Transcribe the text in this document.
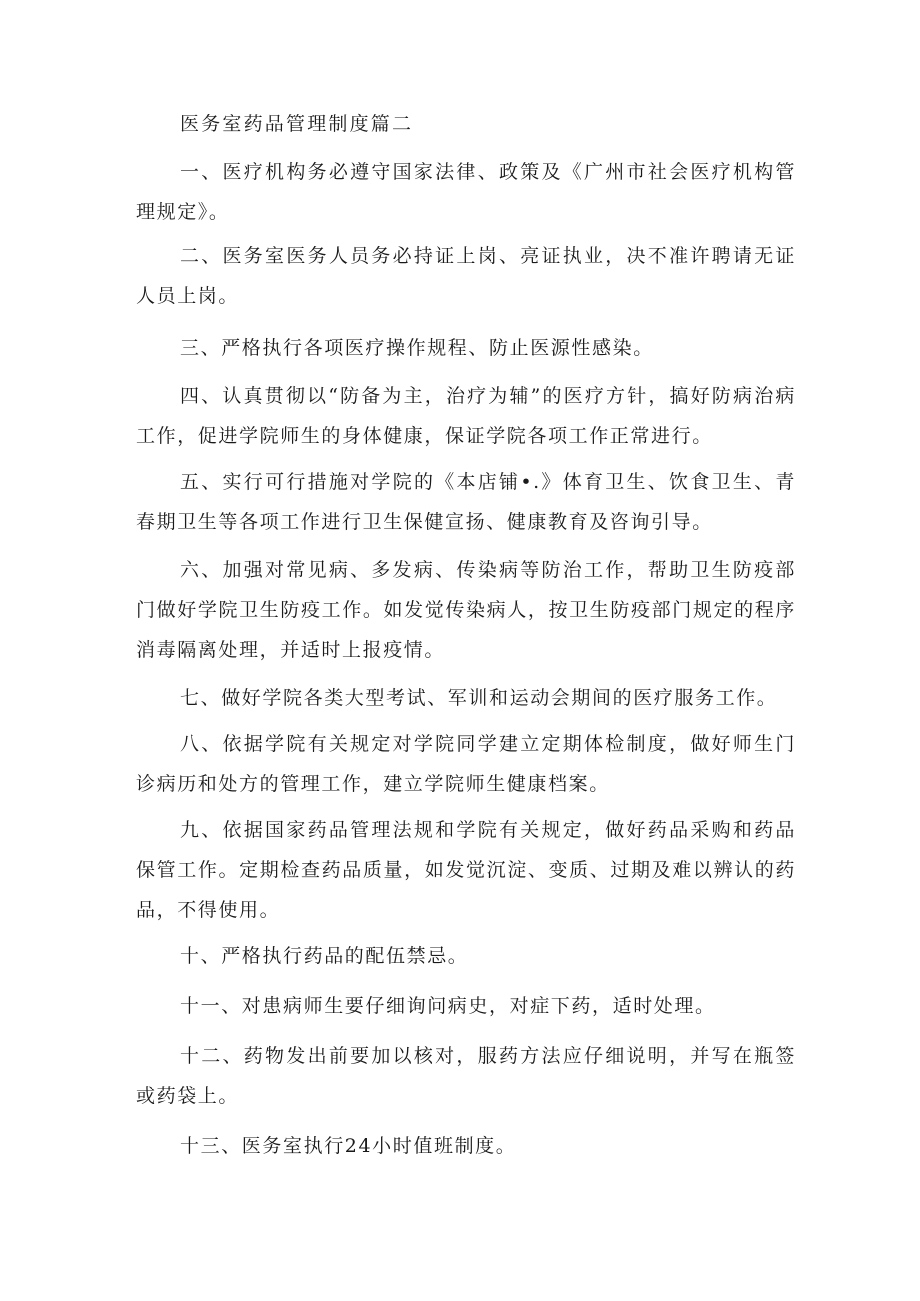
医务室药品管理制度篇二

一、医疗机构务必遵守国家法律、政策及《广州市社会医疗机构管理规定》。

二、医务室医务人员务必持证上岗、亮证执业，决不准许聘请无证人员上岗。

三、严格执行各项医疗操作规程、防止医源性感染。

四、认真贯彻以“防备为主，治疗为辅”的医疗方针，搞好防病治病工作，促进学院师生的身体健康，保证学院各项工作正常进行。

五、实行可行措施对学院的《本店铺•.》体育卫生、饮食卫生、青春期卫生等各项工作进行卫生保健宣扬、健康教育及咨询引导。

六、加强对常见病、多发病、传染病等防治工作，帮助卫生防疫部门做好学院卫生防疫工作。如发觉传染病人，按卫生防疫部门规定的程序消毒隔离处理，并适时上报疫情。

七、做好学院各类大型考试、军训和运动会期间的医疗服务工作。

八、依据学院有关规定对学院同学建立定期体检制度，做好师生门诊病历和处方的管理工作，建立学院师生健康档案。

九、依据国家药品管理法规和学院有关规定，做好药品采购和药品保管工作。定期检查药品质量，如发觉沉淀、变质、过期及难以辨认的药品，不得使用。

十、严格执行药品的配伍禁忌。

十一、对患病师生要仔细询问病史，对症下药，适时处理。

十二、药物发出前要加以核对，服药方法应仔细说明，并写在瓶签或药袋上。

十三、医务室执行24小时值班制度。
